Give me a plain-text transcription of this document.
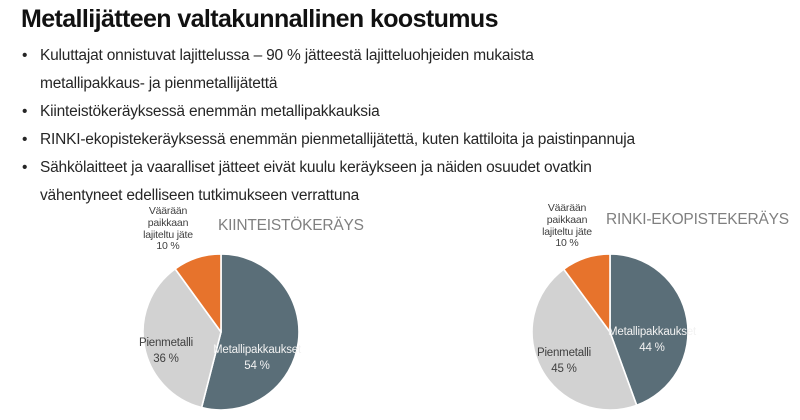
Metallijätteen valtakunnallinen koostumus
• Kuluttajat onnistuvat lajittelussa – 90 % jätteestä lajitteluohjeiden mukaista
metallipakkaus- ja pienmetallijätettä
• Kiinteistökeräyksessä enemmän metallipakkauksia
• RINKI-ekopistekeräyksessä enemmän pienmetallijätettä, kuten kattiloita ja paistinpannuja
• Sähkölaitteet ja vaaralliset jätteet eivät kuulu keräykseen ja näiden osuudet ovatkin
vähentyneet edelliseen tutkimukseen verrattuna
Väärään
paikkaan
lajiteltu jäte
10 %
KIINTEISTÖKERÄYS
Metallipakkaukset
54 %
Pienmetalli
36 %
Väärään
paikkaan
lajiteltu jäte
10 %
RINKI-EKOPISTEKERÄYS
Metallipakkaukset
44 %
Pienmetalli
45 %
